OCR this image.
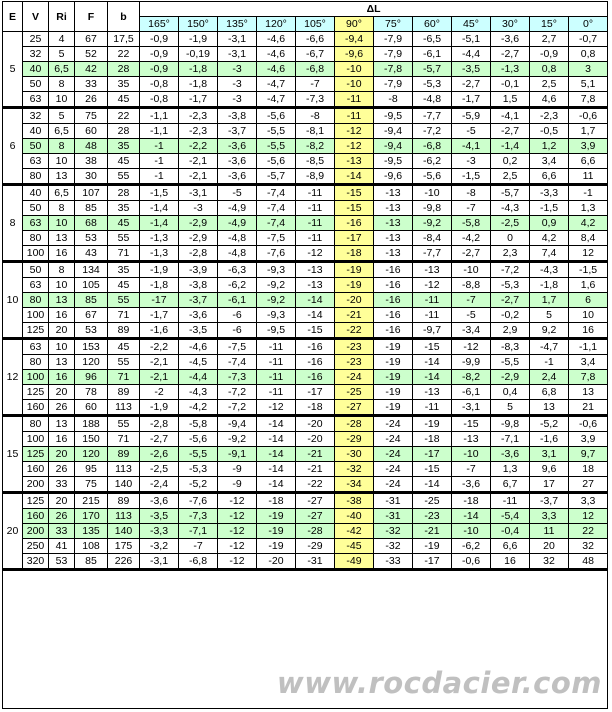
E	V	Ri	F	b	ΔL											
					165°	150°	135°	120°	105°	90°	75°	60°	45°	30°	15°	0°
5	25	4	67	17,5	-0,9	-1,9	-3,1	-4,6	-6,6	-9,4	-7,9	-6,5	-5,1	-3,6	2,7	-0,7
	32	5	52	22	-0,9	-0,19	-3,1	-4,6	-6,7	-9,6	-7,9	-6,1	-4,4	-2,7	-0,9	0,8
	40	6,5	42	28	-0,9	-1,8	-3	-4,6	-6,8	-10	-7,8	-5,7	-3,5	-1,3	0,8	3
	50	8	33	35	-0,8	-1,8	-3	-4,7	-7	-10	-7,9	-5,3	-2,7	-0,1	2,5	5,1
	63	10	26	45	-0,8	-1,7	-3	-4,7	-7,3	-11	-8	-4,8	-1,7	1,5	4,6	7,8
6	32	5	75	22	-1,1	-2,3	-3,8	-5,6	-8	-11	-9,5	-7,7	-5,9	-4,1	-2,3	-0,6
	40	6,5	60	28	-1,1	-2,3	-3,7	-5,5	-8,1	-12	-9,4	-7,2	-5	-2,7	-0,5	1,7
	50	8	48	35	-1	-2,2	-3,6	-5,5	-8,2	-12	-9,4	-6,8	-4,1	-1,4	1,2	3,9
	63	10	38	45	-1	-2,1	-3,6	-5,6	-8,5	-13	-9,5	-6,2	-3	0,2	3,4	6,6
	80	13	30	55	-1	-2,1	-3,6	-5,7	-8,9	-14	-9,6	-5,6	-1,5	2,5	6,6	11
8	40	6,5	107	28	-1,5	-3,1	-5	-7,4	-11	-15	-13	-10	-8	-5,7	-3,3	-1
	50	8	85	35	-1,4	-3	-4,9	-7,4	-11	-15	-13	-9,8	-7	-4,3	-1,5	1,3
	63	10	68	45	-1,4	-2,9	-4,9	-7,4	-11	-16	-13	-9,2	-5,8	-2,5	0,9	4,2
	80	13	53	55	-1,3	-2,9	-4,8	-7,5	-11	-17	-13	-8,4	-4,2	0	4,2	8,4
	100	16	43	71	-1,3	-2,8	-4,8	-7,6	-12	-18	-13	-7,7	-2,7	2,3	7,4	12
10	50	8	134	35	-1,9	-3,9	-6,3	-9,3	-13	-19	-16	-13	-10	-7,2	-4,3	-1,5
	63	10	105	45	-1,8	-3,8	-6,2	-9,2	-13	-19	-16	-12	-8,8	-5,3	-1,8	1,6
	80	13	85	55	-17	-3,7	-6,1	-9,2	-14	-20	-16	-11	-7	-2,7	1,7	6
	100	16	67	71	-1,7	-3,6	-6	-9,3	-14	-21	-16	-11	-5	-0,2	5	10
	125	20	53	89	-1,6	-3,5	-6	-9,5	-15	-22	-16	-9,7	-3,4	2,9	9,2	16
12	63	10	153	45	-2,2	-4,6	-7,5	-11	-16	-23	-19	-15	-12	-8,3	-4,7	-1,1
	80	13	120	55	-2,1	-4,5	-7,4	-11	-16	-23	-19	-14	-9,9	-5,5	-1	3,4
	100	16	96	71	-2,1	-4,4	-7,3	-11	-16	-24	-19	-14	-8,2	-2,9	2,4	7,8
	125	20	78	89	-2	-4,3	-7,2	-11	-17	-25	-19	-13	-6,1	0,4	6,8	13
	160	26	60	113	-1,9	-4,2	-7,2	-12	-18	-27	-19	-11	-3,1	5	13	21
15	80	13	188	55	-2,8	-5,8	-9,4	-14	-20	-28	-24	-19	-15	-9,8	-5,2	-0,6
	100	16	150	71	-2,7	-5,6	-9,2	-14	-20	-29	-24	-18	-13	-7,1	-1,6	3,9
	125	20	120	89	-2,6	-5,5	-9,1	-14	-21	-30	-24	-17	-10	-3,6	3,1	9,7
	160	26	95	113	-2,5	-5,3	-9	-14	-21	-32	-24	-15	-7	1,3	9,6	18
	200	33	75	140	-2,4	-5,2	-9	-14	-22	-34	-24	-14	-3,6	6,7	17	27
20	125	20	215	89	-3,6	-7,6	-12	-18	-27	-38	-31	-25	-18	-11	-3,7	3,3
	160	26	170	113	-3,5	-7,3	-12	-19	-27	-40	-31	-23	-14	-5,4	3,3	12
	200	33	135	140	-3,3	-7,1	-12	-19	-28	-42	-32	-21	-10	-0,4	11	22
	250	41	108	175	-3,2	-7	-12	-19	-29	-45	-32	-19	-6,2	6,6	20	32
	320	53	85	226	-3,1	-6,8	-12	-20	-31	-49	-33	-17	-0,6	16	32	48
www.rocdacier.com
